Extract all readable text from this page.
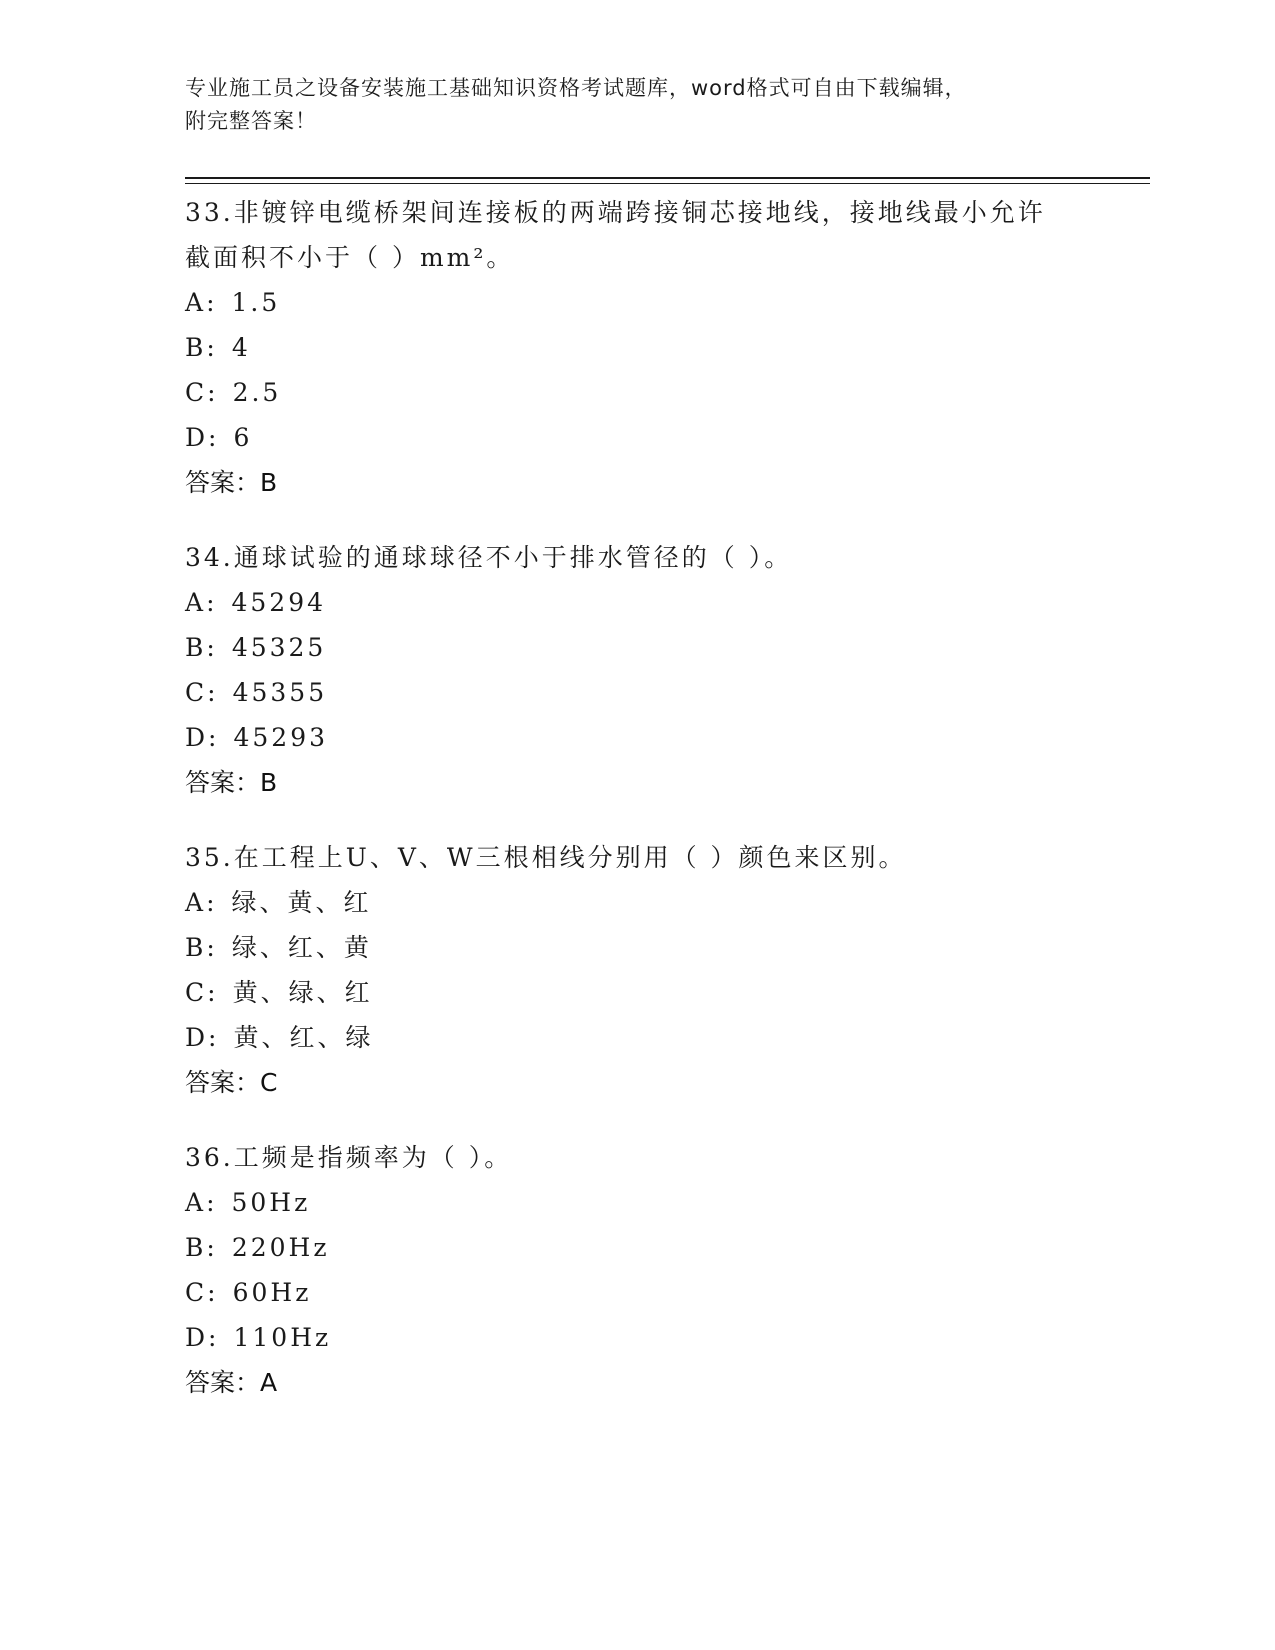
专业施工员之设备安装施工基础知识资格考试题库，word格式可自由下载编辑，
附完整答案！
33.非镀锌电缆桥架间连接板的两端跨接铜芯接地线，接地线最小允许
截面积不小于（ ）mm²。
A: 1.5
B: 4
C: 2.5
D: 6
答案：B
34.通球试验的通球球径不小于排水管径的（ ）。
A: 45294
B: 45325
C: 45355
D: 45293
答案：B
35.在工程上U、V、W三根相线分别用（ ）颜色来区别。
A: 绿、黄、红
B: 绿、红、黄
C: 黄、绿、红
D: 黄、红、绿
答案：C
36.工频是指频率为（ ）。
A: 50Hz
B: 220Hz
C: 60Hz
D: 110Hz
答案：A
